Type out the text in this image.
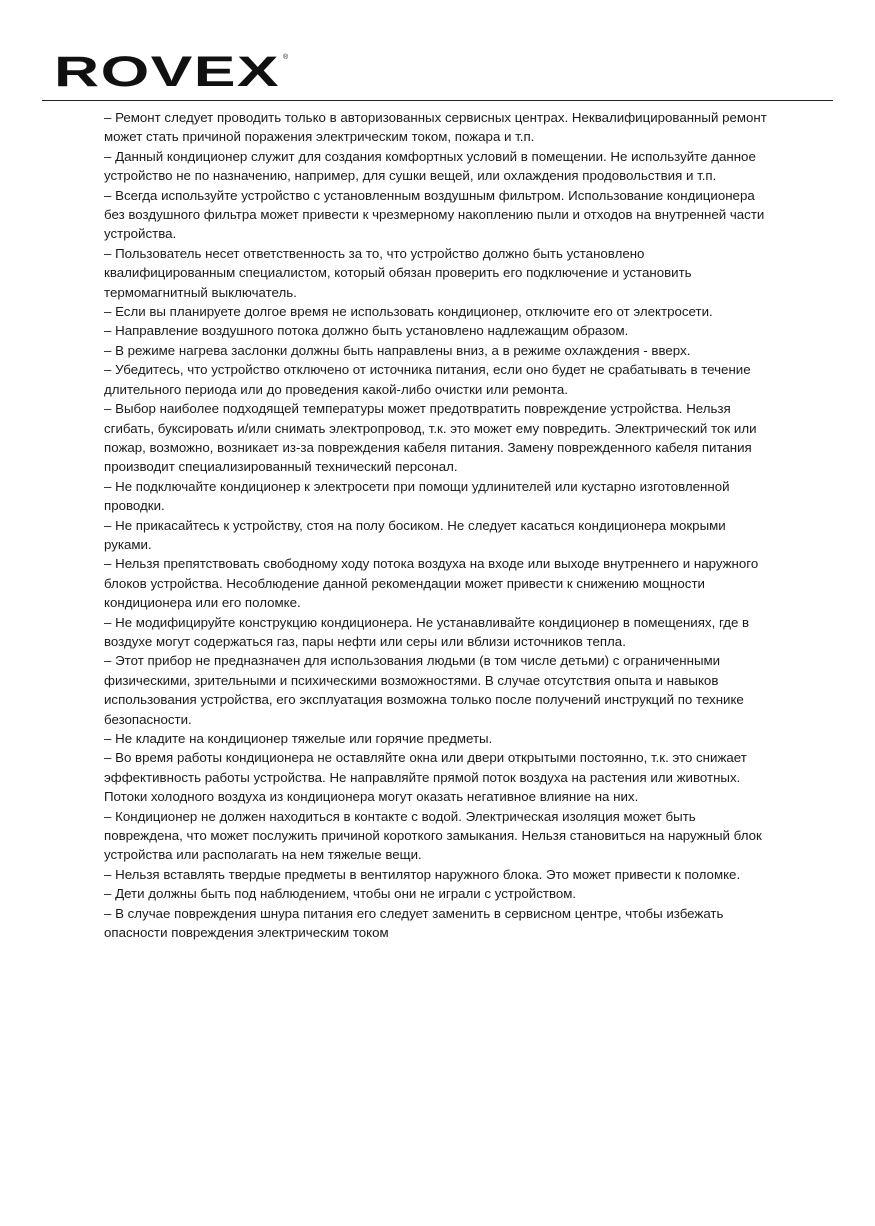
ROVEX ®

– Ремонт следует проводить только в авторизованных сервисных центрах. Неквалифицированный ремонт может стать причиной поражения электрическим током, пожара и т.п.

– Данный кондиционер служит для создания комфортных условий в помещении. Не используйте данное устройство не по назначению, например, для сушки вещей, или охлаждения продовольствия и т.п.

– Всегда используйте устройство с установленным воздушным фильтром. Использование кондиционера без воздушного фильтра может привести к чрезмерному накоплению пыли и отходов на внутренней части устройства.

– Пользователь несет ответственность за то, что устройство должно быть установлено квалифицированным специалистом, который обязан проверить его подключение и установить термомагнитный выключатель.

– Если вы планируете долгое время не использовать кондиционер, отключите его от электросети.

– Направление воздушного потока должно быть установлено надлежащим образом.

– В режиме нагрева заслонки должны быть направлены вниз, а в режиме охлаждения - вверх.

– Убедитесь, что устройство отключено от источника питания, если оно будет не срабатывать в течение длительного периода или до проведения какой-либо очистки или ремонта.

– Выбор наиболее подходящей температуры может предотвратить повреждение устройства. Нельзя сгибать, буксировать и/или снимать электропровод, т.к. это может ему повредить. Электрический ток или пожар, возможно, возникает из-за повреждения кабеля питания. Замену поврежденного кабеля питания производит специализированный технический персонал.

– Не подключайте кондиционер к электросети при помощи удлинителей или кустарно изготовленной проводки.

– Не прикасайтесь к устройству, стоя на полу босиком. Не следует касаться кондиционера мокрыми руками.

– Нельзя препятствовать свободному ходу потока воздуха на входе или выходе внутреннего и наружного блоков устройства. Несоблюдение данной рекомендации может привести к снижению мощности кондиционера или его поломке.

– Не модифицируйте конструкцию кондиционера. Не устанавливайте кондиционер в помещениях, где в воздухе могут содержаться газ, пары нефти или серы или вблизи источников тепла.

– Этот прибор не предназначен для использования людьми (в том числе детьми) с ограниченными физическими, зрительными и психическими возможностями. В случае отсутствия опыта и навыков использования устройства, его эксплуатация возможна только после получений инструкций по технике безопасности.

– Не кладите на кондиционер тяжелые или горячие предметы.

– Во время работы кондиционера не оставляйте окна или двери открытыми постоянно, т.к. это снижает эффективность работы устройства. Не направляйте прямой поток воздуха на растения или животных. Потоки холодного воздуха из кондиционера могут оказать негативное влияние на них.

– Кондиционер не должен находиться в контакте с водой. Электрическая изоляция может быть повреждена, что может послужить причиной короткого замыкания. Нельзя становиться на наружный блок устройства или располагать на нем тяжелые вещи.

– Нельзя вставлять твердые предметы в вентилятор наружного блока. Это может привести к поломке.

– Дети должны быть под наблюдением, чтобы они не играли с устройством.

– В случае повреждения шнура питания его следует заменить в сервисном центре, чтобы избежать опасности повреждения электрическим током
